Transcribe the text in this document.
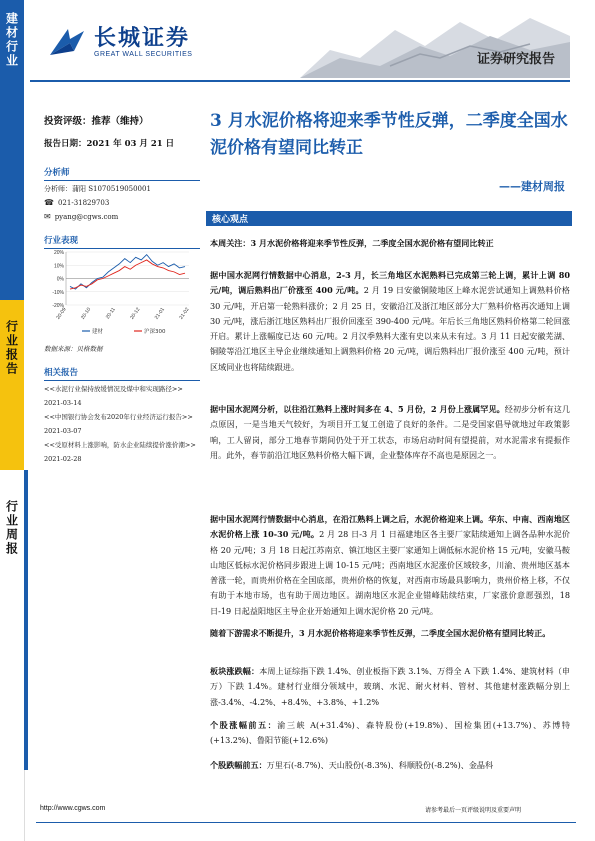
建材行业
行业报告
行业周报
长城证券
GREAT WALL SECURITIES	证券研究报告
投资评级：推荐（维持）
报告日期：2021 年 03 月 21 日
分析师
分析师：蒲阳 S1070519050001
☎ 021-31829703
✉ pyang@cgws.com
行业表现
20%
10%
0%
-10%
-20%
20-09 20-10	20-11 20-12 21-01 21-02
建材	沪深300
数据来源：贝格数据
相关报告
<<水泥行业保持放缓情况及煤中和实现路径>>
2021-03-14
<<中国银行协会发布2020年行业经济运行报告>>
2021-03-07
<<受原材料上涨影响，防水企业陆续提价涨价潮>>
2021-02-28
3 月水泥价格将迎来季节性反弹，二季度全国水泥价格有望同比转正
——建材周报
核心观点
本周关注：3 月水泥价格将迎来季节性反弹，二季度全国水泥价格有望同比转正
据中国水泥网行情数据中心消息，2-3 月，长三角地区水泥熟料已完成第三轮上调，累计上调 80 元/吨，调后熟料出厂价涨至 400 元/吨。2 月 19 日安徽铜陵地区上峰水泥尝试通知上调熟料价格 30 元/吨，开启第一轮熟料涨价；2 月 25 日，安徽沿江及浙江地区部分大厂熟料价格再次通知上调 30 元/吨，涨后浙江地区熟料出厂报价回涨至 390-400 元/吨。年后长三角地区熟料价格第二轮回涨开启。累计上涨幅度已达 60 元/吨。2 月汉季熟料大涨有史以来从未有过。3 月 11 日起安徽芜湖、铜陵等沿江地区主导企业继续通知上调熟料价格 20 元/吨，调后熟料出厂报价涨至 400 元/吨，预计区域同业也将陆续跟进。
据中国水泥网分析，以往沿江熟料上涨时间多在 4、5 月份，2 月份上涨属罕见。经初步分析有这几点原因，一是当地天气较好，为项目开工复工创造了良好的条件。二是受国家倡导就地过年政策影响，工人留岗，部分工地春节期间仍处于开工状态，市场启动时间有望提前，对水泥需求有提振作用。此外，春节前沿江地区熟料价格大幅下调，企业整体库存不高也是原因之一。
据中国水泥网行情数据中心消息，在沿江熟料上调之后，水泥价格迎来上调。华东、中南、西南地区水泥价格上涨 10-30 元/吨。2 月 28 日-3 月 1 日福建地区各主要厂家陆续通知上调各品种水泥价格 20 元/吨；3 月 18 日起江苏南京、镇江地区主要厂家通知上调低标水泥价格 15 元/吨，安徽马鞍山地区低标水泥价格同步跟进上调 10-15 元/吨；西南地区水泥涨价区域较多，川渝、贵州地区基本普涨一轮，而贵州价格在全国底部，贵州价格的恢复，对西南市场最具影响力，贵州价格上移，不仅有助于本地市场，也有助于周边地区。湖南地区水泥企业错峰陆续结束，厂家涨价意愿强烈，18 日-19 日起益阳地区主导企业开始通知上调水泥价格 20 元/吨。
随着下游需求不断提升，3 月水泥价格将迎来季节性反弹，二季度全国水泥价格有望同比转正。
板块涨跌幅：本周上证综指下跌 1.4%、创业板指下跌 3.1%、万得全 A 下跌 1.4%、建筑材料（申万）下跌 1.4%。建材行业细分领域中，玻璃、水泥、耐火材料、管材、其他建材涨跌幅分别上涨-3.4%、-4.2%、+8.4%、+3.8%、+1.2%
个股涨幅前五：渝三峡 A(+31.4%)、森特股份(+19.8%)、国检集团(+13.7%)、苏博特(+13.2%)、鲁阳节能(+12.6%)
个股跌幅前五：万里石(-8.7%)、天山股份(-8.3%)、科顺股份(-8.2%)、金晶科
http://www.cgws.com	请参考最后一页评级说明及重要声明
